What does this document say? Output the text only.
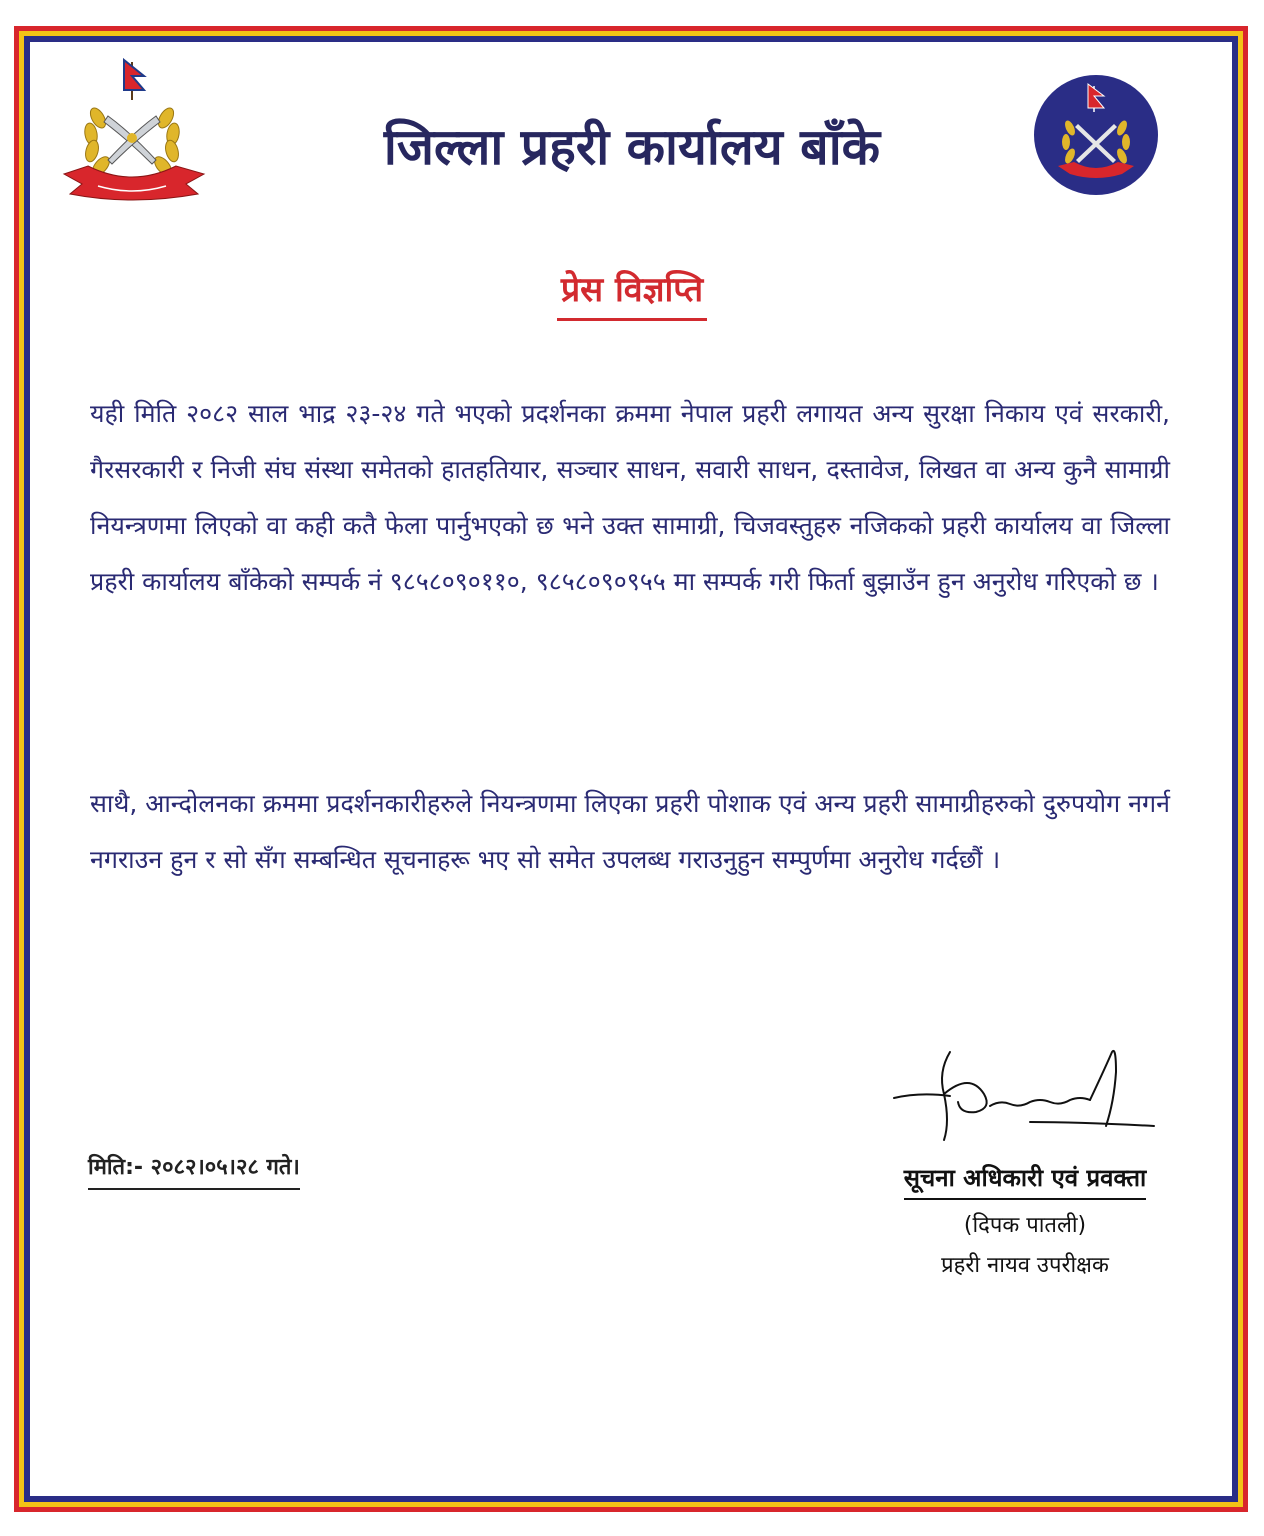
जिल्ला प्रहरी कार्यालय बाँके
प्रेस विज्ञप्ति

यही मिति २०८२ साल भाद्र २३-२४ गते भएको प्रदर्शनका क्रममा नेपाल प्रहरी लगायत अन्य सुरक्षा निकाय एवं सरकारी, गैरसरकारी र निजी संघ संस्था समेतको हातहतियार, सञ्चार साधन, सवारी साधन, दस्तावेज, लिखत वा अन्य कुनै सामाग्री नियन्त्रणमा लिएको वा कही कतै फेला पार्नुभएको छ भने उक्त सामाग्री, चिजवस्तुहरु नजिकको प्रहरी कार्यालय वा जिल्ला प्रहरी कार्यालय बाँकेको सम्पर्क नं ९८५८०९०११०, ९८५८०९०९५५ मा सम्पर्क गरी फिर्ता बुझाउँन हुन अनुरोध गरिएको छ ।

साथै, आन्दोलनका क्रममा प्रदर्शनकारीहरुले नियन्त्रणमा लिएका प्रहरी पोशाक एवं अन्य प्रहरी सामाग्रीहरुको दुरुपयोग नगर्न नगराउन हुन र सो सँग सम्बन्धित सूचनाहरू भए सो समेत उपलब्ध गराउनुहुन सम्पुर्णमा अनुरोध गर्दछौं ।

मिति:- २०८२।०५।२८ गते।	सूचना अधिकारी एवं प्रवक्ता
(दिपक पातली)
प्रहरी नायव उपरीक्षक
